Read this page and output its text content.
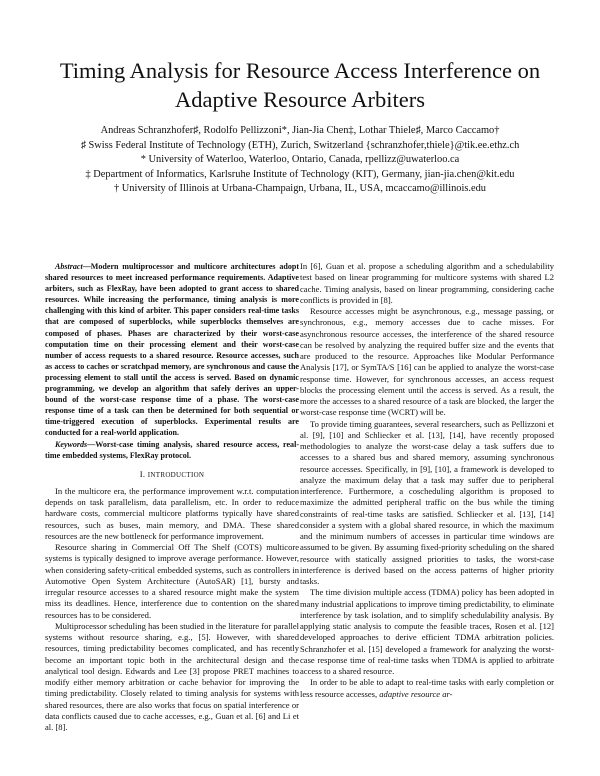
Timing Analysis for Resource Access Interference on Adaptive Resource Arbiters
Andreas Schranzhofer♯, Rodolfo Pellizzoni*, Jian-Jia Chen‡, Lothar Thiele♯, Marco Caccamo†
♯ Swiss Federal Institute of Technology (ETH), Zurich, Switzerland {schranzhofer,thiele}@tik.ee.ethz.ch
* University of Waterloo, Waterloo, Ontario, Canada, rpellizz@uwaterloo.ca
‡ Department of Informatics, Karlsruhe Institute of Technology (KIT), Germany, jian-jia.chen@kit.edu
† University of Illinois at Urbana-Champaign, Urbana, IL, USA, mcaccamo@illinois.edu

Abstract—Modern multiprocessor and multicore architectures adopt shared resources to meet increased performance requirements. Adaptive arbiters, such as FlexRay, have been adopted to grant access to shared resources. While increasing the performance, timing analysis is more challenging with this kind of arbiter. This paper considers real-time tasks that are composed of superblocks, while superblocks themselves are composed of phases. Phases are characterized by their worst-case computation time on their processing element and their worst-case number of access requests to a shared resource. Resource accesses, such as access to caches or scratchpad memory, are synchronous and cause the processing element to stall until the access is served. Based on dynamic programming, we develop an algorithm that safely derives an upper-bound of the worst-case response time of a phase. The worst-case response time of a task can then be determined for both sequential or time-triggered execution of superblocks. Experimental results are conducted for a real-world application.

Keywords—Worst-case timing analysis, shared resource access, real-time embedded systems, FlexRay protocol.

I. INTRODUCTION

In the multicore era, the performance improvement w.r.t. computation depends on task parallelism, data parallelism, etc. In order to reduce hardware costs, commercial multicore platforms typically have shared resources, such as buses, main memory, and DMA. These shared resources are the new bottleneck for performance improvement.

Resource sharing in Commercial Off The Shelf (COTS) multicore systems is typically designed to improve average performance. However, when considering safety-critical embedded systems, such as controllers in Automotive Open System Architecture (AutoSAR) [1], bursty and irregular resource accesses to a shared resource might make the system miss its deadlines. Hence, interference due to contention on the shared resources has to be considered.

Multiprocessor scheduling has been studied in the literature for parallel systems without resource sharing, e.g., [5]. However, with shared resources, timing predictability becomes complicated, and has recently become an important topic both in the architectural design and the analytical tool design. Edwards and Lee [3] propose PRET machines to modify either memory arbitration or cache behavior for improving the timing predictability. Closely related to timing analysis for systems with shared resources, there are also works that focus on spatial interference or data conflicts caused due to cache accesses, e.g., Guan et al. [6] and Li et al. [8].

In [6], Guan et al. propose a scheduling algorithm and a schedulability test based on linear programming for multicore systems with shared L2 cache. Timing analysis, based on linear programming, considering cache conflicts is provided in [8].

Resource accesses might be asynchronous, e.g., message passing, or synchronous, e.g., memory accesses due to cache misses. For asynchronous resource accesses, the interference of the shared resource can be resolved by analyzing the required buffer size and the events that are produced to the resource. Approaches like Modular Performance Analysis [17], or SymTA/S [16] can be applied to analyze the worst-case response time. However, for synchronous accesses, an access request blocks the processing element until the access is served. As a result, the more the accesses to a shared resource of a task are blocked, the larger the worst-case response time (WCRT) will be.

To provide timing guarantees, several researchers, such as Pellizzoni et al. [9], [10] and Schliecker et al. [13], [14], have recently proposed methodologies to analyze the worst-case delay a task suffers due to accesses to a shared bus and shared memory, assuming synchronous resource accesses. Specifically, in [9], [10], a framework is developed to analyze the maximum delay that a task may suffer due to peripheral interference. Furthermore, a coscheduling algorithm is proposed to maximize the admitted peripheral traffic on the bus while the timing constraints of real-time tasks are satisfied. Schliecker et al. [13], [14] consider a system with a global shared resource, in which the maximum and the minimum numbers of accesses in particular time windows are assumed to be given. By assuming fixed-priority scheduling on the shared resource with statically assigned priorities to tasks, the worst-case interference is derived based on the access patterns of higher priority tasks.

The time division multiple access (TDMA) policy has been adopted in many industrial applications to improve timing predictability, to eliminate interference by task isolation, and to simplify schedulability analysis. By applying static analysis to compute the feasible traces, Rosen et al. [12] developed approaches to derive efficient TDMA arbitration policies. Schranzhofer et al. [15] developed a framework for analyzing the worst-case response time of real-time tasks when TDMA is applied to arbitrate access to a shared resource.

In order to be able to adapt to real-time tasks with early completion or less resource accesses, adaptive resource ar-
